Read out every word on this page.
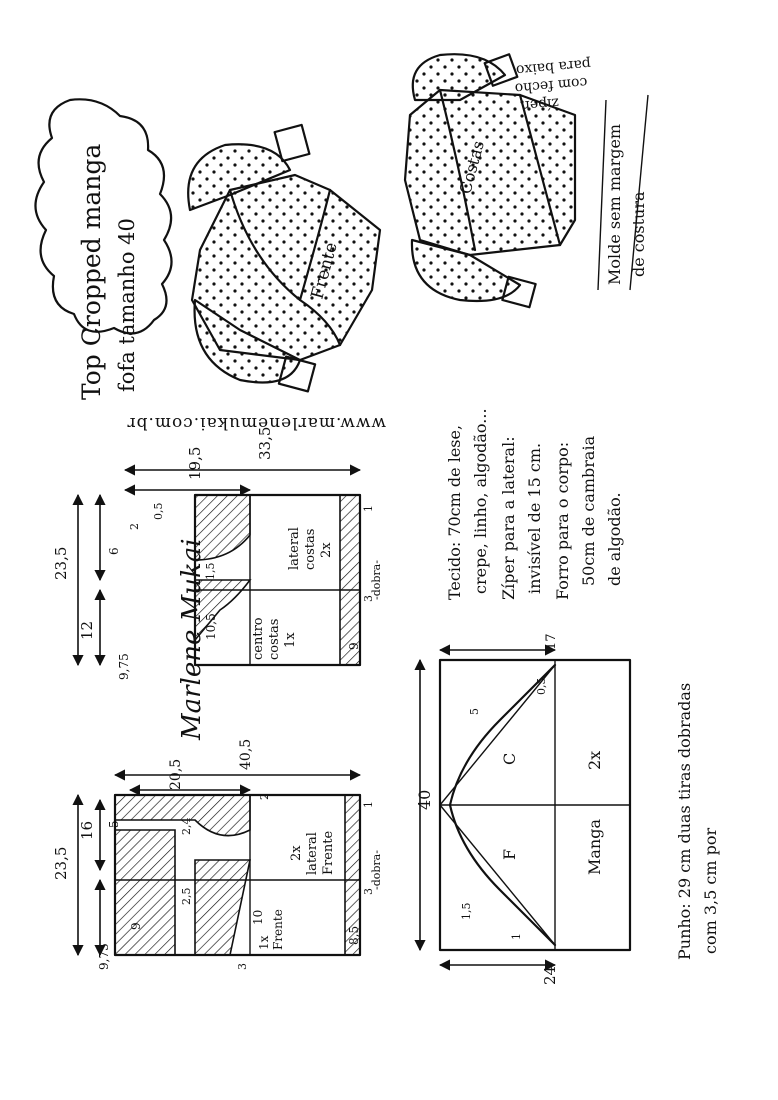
Top Cropped manga fofa tamanho 40
www.marlenemukai.com.br
Frente
Costas
zíper
com fecho
para baixo
Molde sem margem de costura
23,5
12
9,75
6
2
0,5
1,5
19,5
33,5
10,5
9
1
3
lateral costas 2x
centro costas 1x
-dobra-
Marlene Mukai
23,5
16
9,75
9
5
20,5
40,5
2
2,4
2,5
10
8,5
3
1
3
2x lateral Frente
1x Frente
-dobra-
40
24
17
0,5
5
1,5
1
F
C
Manga
2x
Tecido: 70cm de lese, crepe, linho, algodão... Zíper para a lateral: invisível de 15 cm. Forro para o corpo: 50cm de cambraia de algodão.
Punho: 29 cm duas tiras dobradas com 3,5 cm por
